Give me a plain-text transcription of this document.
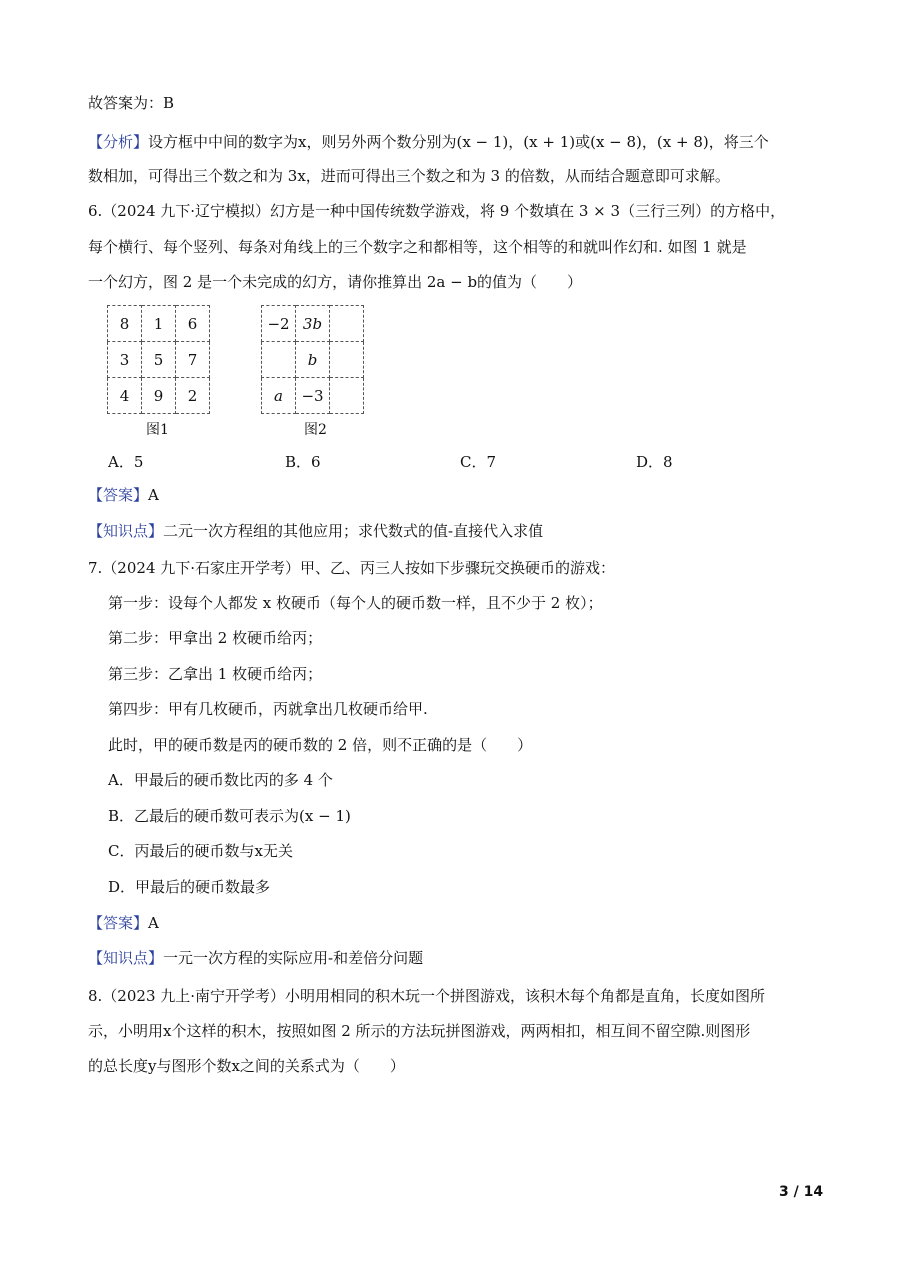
故答案为：B
【分析】设方框中中间的数字为x，则另外两个数分别为(x − 1)，(x + 1)或(x − 8)，(x + 8)，将三个
数相加，可得出三个数之和为 3x，进而可得出三个数之和为 3 的倍数，从而结合题意即可求解。
6.（2024 九下·辽宁模拟）幻方是一种中国传统数学游戏，将 9 个数填在 3 × 3（三行三列）的方格中，
每个横行、每个竖列、每条对角线上的三个数字之和都相等，这个相等的和就叫作幻和. 如图 1 就是
一个幻方，图 2 是一个未完成的幻方，请你推算出 2a − b的值为（　　）
8	1	6
3	5	7
4	9	2
图1
−2	3b	
	b	
a	−3	
图2
A．5	B．6	C．7	D．8
【答案】A
【知识点】二元一次方程组的其他应用；求代数式的值-直接代入求值
7.（2024 九下·石家庄开学考）甲、乙、丙三人按如下步骤玩交换硬币的游戏：
第一步：设每个人都发 x 枚硬币（每个人的硬币数一样，且不少于 2 枚）；
第二步：甲拿出 2 枚硬币给丙；
第三步：乙拿出 1 枚硬币给丙；
第四步：甲有几枚硬币，丙就拿出几枚硬币给甲.
此时，甲的硬币数是丙的硬币数的 2 倍，则不正确的是（　　）
A．甲最后的硬币数比丙的多 4 个
B．乙最后的硬币数可表示为(x − 1)
C．丙最后的硬币数与x无关
D．甲最后的硬币数最多
【答案】A
【知识点】一元一次方程的实际应用-和差倍分问题
8.（2023 九上·南宁开学考）小明用相同的积木玩一个拼图游戏，该积木每个角都是直角，长度如图所
示，小明用x个这样的积木，按照如图 2 所示的方法玩拼图游戏，两两相扣，相互间不留空隙.则图形
的总长度y与图形个数x之间的关系式为（　　）
3 / 14
